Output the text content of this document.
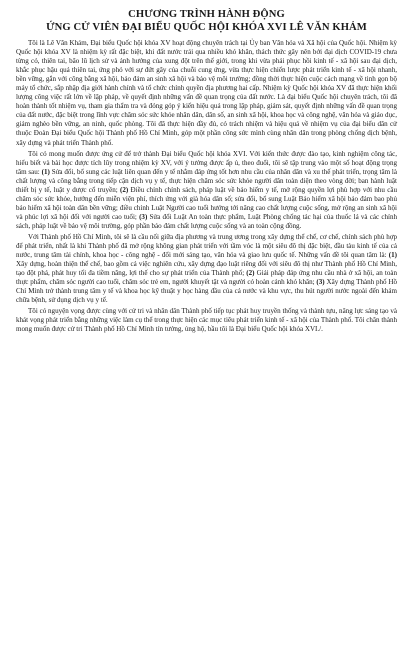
CHƯƠNG TRÌNH HÀNH ĐỘNG
ỨNG CỬ VIÊN ĐẠI BIỂU QUỐC HỘI KHÓA XVI LÊ VĂN KHẢM

Tôi là Lê Văn Khảm, Đại biểu Quốc hội khóa XV hoạt động chuyên trách tại Ủy ban Văn hóa và Xã hội của Quốc hội. Nhiệm kỳ Quốc hội khóa XV là nhiệm kỳ rất đặc biệt, khi đất nước trải qua nhiều khó khăn, thách thức gây nên bởi đại dịch COVID-19 chưa từng có, thiên tai, bão lũ lịch sử và ảnh hưởng của xung đột trên thế giới, trong khi vừa phải phục hồi kinh tế - xã hội sau đại dịch, khắc phục hậu quả thiên tai, ứng phó với sự đứt gãy của chuỗi cung ứng, vừa thực hiện chiến lược phát triển kinh tế - xã hội nhanh, bền vững, gắn với công bằng xã hội, bảo đảm an sinh xã hội và bảo vệ môi trường; đồng thời thực hiện cuộc cách mạng về tinh gọn bộ máy tổ chức, sắp nhập địa giới hành chính và tổ chức chính quyền địa phương hai cấp. Nhiệm kỳ Quốc hội khóa XV đã thực hiện khối lượng công việc rất lớn về lập pháp, về quyết định những vấn đề quan trọng của đất nước. Là đại biểu Quốc hội chuyên trách, tôi đã hoàn thành tốt nhiệm vụ, tham gia thẩm tra và đóng góp ý kiến hiệu quả trong lập pháp, giám sát, quyết định những vấn đề quan trọng của đất nước, đặc biệt trong lĩnh vực chăm sóc sức khỏe nhân dân, dân số, an sinh xã hội, khoa học và công nghệ, văn hóa và giáo dục, giảm nghèo bền vững, an ninh, quốc phòng. Tôi đã thực hiện đầy đủ, có trách nhiệm và hiệu quả về nhiệm vụ của đại biểu dân cử thuộc Đoàn Đại biểu Quốc hội Thành phố Hồ Chí Minh, góp một phần công sức mình cùng nhân dân trong phòng chống dịch bệnh, xây dựng và phát triển Thành phố.

Tôi có mong muốn được ứng cử để trở thành Đại biểu Quốc hội khóa XVI. Với kiến thức được đào tạo, kinh nghiệm công tác, hiểu biết và bài học được tích lũy trong nhiệm kỳ XV, với ý tưởng được ấp ủ, theo đuổi, tôi sẽ tập trung vào một số hoạt động trọng tâm sau: (1) Sửa đổi, bổ sung các luật liên quan đến y tế nhằm đáp ứng tốt hơn nhu cầu của nhân dân và xu thế phát triển, trọng tâm là chất lượng và công bằng trong tiếp cận dịch vụ y tế, thực hiện chăm sóc sức khỏe người dân toàn diện theo vòng đời; ban hành luật thiết bị y tế, luật y dược cổ truyền; (2) Điều chỉnh chính sách, pháp luật về bảo hiểm y tế, mở rộng quyền lợi phù hợp với nhu cầu chăm sóc sức khỏe, hướng đến miễn viện phí, thích ứng với già hóa dân số; sửa đổi, bổ sung Luật Bảo hiểm xã hội bảo đảm bao phủ bảo hiểm xã hội toàn dân bền vững; điều chỉnh Luật Người cao tuổi hướng tới nâng cao chất lượng cuộc sống, mở rộng an sinh xã hội và phúc lợi xã hội đối với người cao tuổi; (3) Sửa đổi Luật An toàn thực phẩm, Luật Phòng chống tác hại của thuốc lá và các chính sách, pháp luật về bảo vệ môi trường, góp phần bảo đảm chất lượng cuộc sống và an toàn cộng đồng.

Với Thành phố Hồ Chí Minh, tôi sẽ là cầu nối giữa địa phương và trung ương trong xây dựng thể chế, cơ chế, chính sách phù hợp để phát triển, nhất là khi Thành phố đã mở rộng không gian phát triển với tầm vóc là một siêu đô thị đặc biệt, đầu tàu kinh tế của cả nước, trung tâm tài chính, khoa học - công nghệ - đổi mới sáng tạo, văn hóa và giao lưu quốc tế. Những vấn đề tôi quan tâm là: (1) Xây dựng, hoàn thiện thể chế, bao gồm cả việc nghiên cứu, xây dựng đạo luật riêng đối với siêu đô thị như Thành phố Hồ Chí Minh, tạo đột phá, phát huy tối đa tiềm năng, lợi thế cho sự phát triển của Thành phố; (2) Giải pháp đáp ứng nhu cầu nhà ở xã hội, an toàn thực phẩm, chăm sóc người cao tuổi, chăm sóc trẻ em, người khuyết tật và người có hoàn cảnh khó khăn; (3) Xây dựng Thành phố Hồ Chí Minh trở thành trung tâm y tế và khoa học kỹ thuật y học hàng đầu của cả nước và khu vực, thu hút người nước ngoài đến khám chữa bệnh, sử dụng dịch vụ y tế.

Tôi có nguyện vọng được cùng với cử tri và nhân dân Thành phố tiếp tục phát huy truyền thống và thành tựu, nâng lực sáng tạo và khát vọng phát triển bằng những việc làm cụ thể trong thực hiện các mục tiêu phát triển kinh tế - xã hội của Thành phố. Tôi chân thành mong muốn được cử tri Thành phố Hồ Chí Minh tín tưởng, ủng hộ, bầu tôi là Đại biểu Quốc hội khóa XVI./.
